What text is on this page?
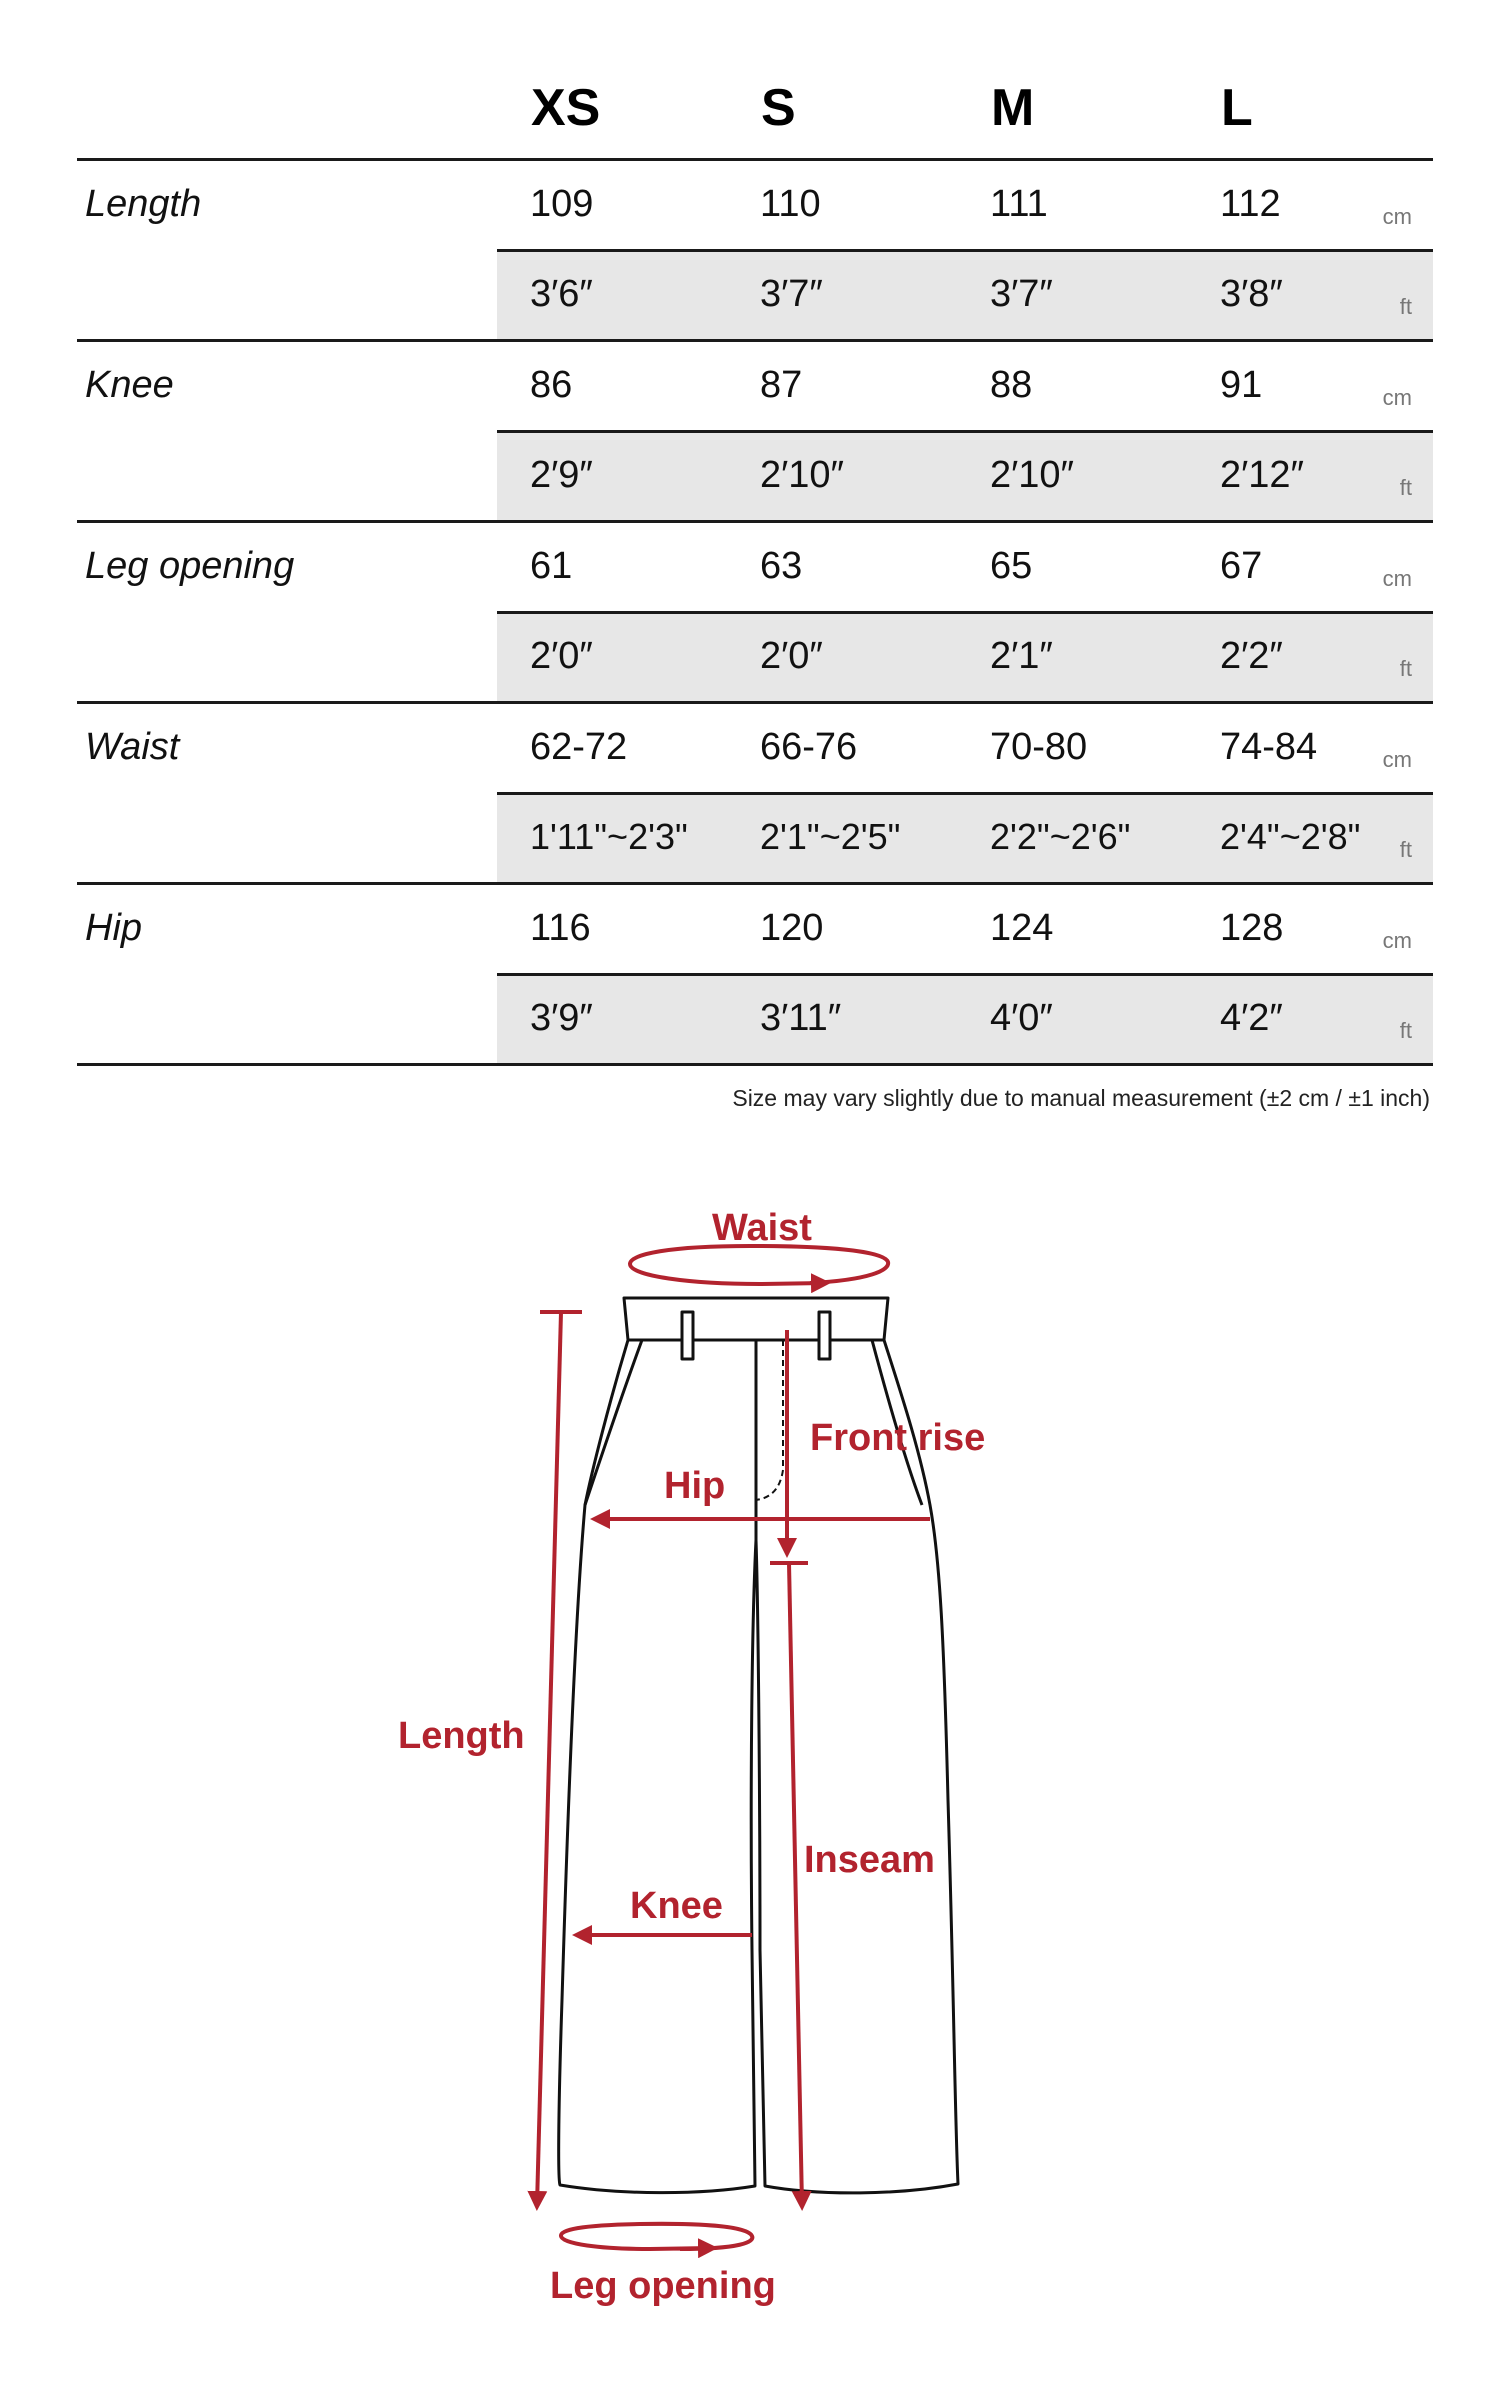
XS	S	M	L
Length	109	110	111	112	cm
3′6″	3′7″	3′7″	3′8″	ft
Knee	86	87	88	91	cm
2′9″	2′10″	2′10″	2′12″	ft
Leg opening	61	63	65	67	cm
2′0″	2′0″	2′1″	2′2″	ft
Waist	62-72	66-76	70-80	74-84	cm
1'11"~2'3" 2'1"~2'5" 2'2"~2'6" 2'4"~2'8"	ft
Hip	116	120	124	128	cm
3′9″	3′11″	4′0″	4′2″	ft
Size may vary slightly due to manual measurement (±2 cm / ±1 inch)
Waist
Front rise
Hip
Length
Inseam
Knee
Leg opening
